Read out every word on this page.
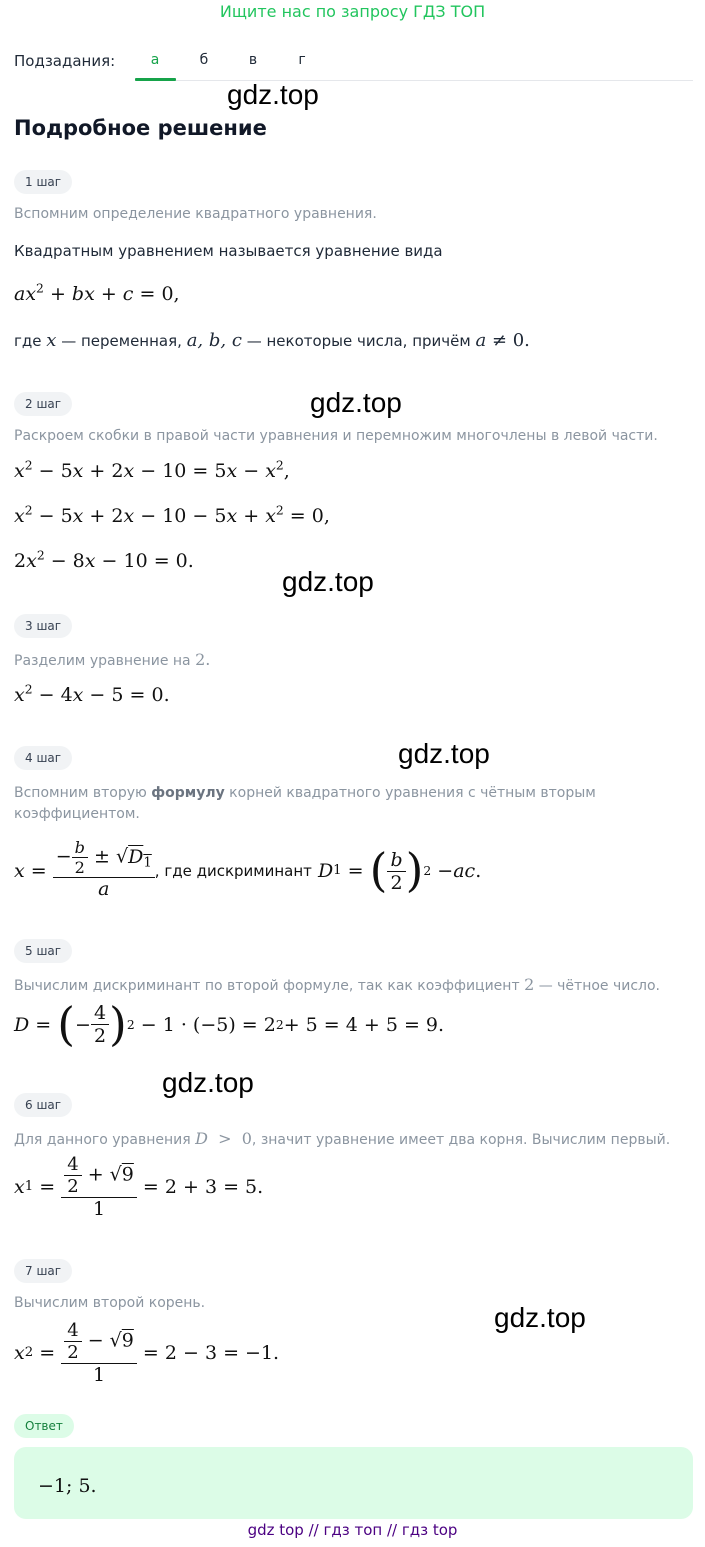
Ищите нас по запросу ГДЗ ТОП
Подзадания:	а	б	в	г
gdz.top
gdz.top
gdz.top
gdz.top
gdz.top
gdz.top
Подробное решение
1 шаг
Вспомним определение квадратного уравнения.
Квадратным уравнением называется уравнение вида
$ax^2$ + bx + c = 0,
где x — переменная, a, b, c — некоторые числа, причём a ≠ 0.
2 шаг
Раскроем скобки в правой части уравнения и перемножим многочлены в левой части.
$x^2 - 5x + 2x - 10 = 5x - x^2$,
$x^2 - 5x + 2x - 10 - 5x + x^2 = 0$,
$2x^2 - 8x - 10 = 0$.
3 шаг
Разделим уравнение на 2.
$x^2 - 4x - 5 = 0$.
4 шаг
Вспомним вторую формулу корней квадратного уравнения с чётным вторым коэффициентом.
$x = \frac{- \frac{b}{2} \pm √D_1}{a}$ , где дискриминант
D 1 = ( $\frac{b}{2}$ ) 2 − ac .
5 шаг
Вычислим дискриминант по второй формуле, так как коэффициент 2 — чётное число.
D = ( − $\frac{4}{2}$ ) 2 − 1 · (−5) = 2 2 + 5 = 4 + 5 = 9.
6 шаг
Для данного уравнения D  >  0, значит уравнение имеет два корня. Вычислим первый.
x $1 = \frac{\frac{4}{2} + √9}{1} = 2 + 3 = 5$.
7 шаг
Вычислим второй корень.
x $2 = \frac{\frac{4}{2} - √9}{1} = 2 - 3 = -1$.
Ответ
−1; 5.
gdz top // гдз топ // гдз top
